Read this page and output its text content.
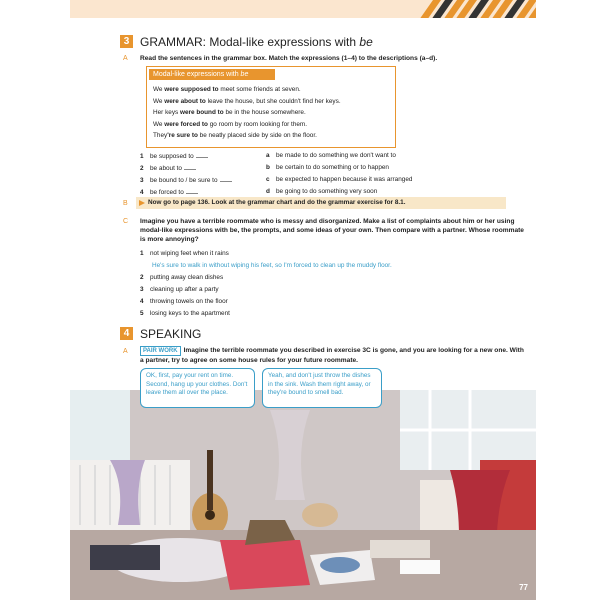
3 GRAMMAR: Modal-like expressions with be
A Read the sentences in the grammar box. Match the expressions (1–4) to the descriptions (a–d).
Modal-like expressions with be
We were supposed to meet some friends at seven.
We were about to leave the house, but she couldn't find her keys.
Her keys were bound to be in the house somewhere.
We were forced to go room by room looking for them.
They're sure to be neatly placed side by side on the floor.
1 be supposed to
2 be about to
3 be bound to / be sure to
4 be forced to
a be made to do something we don't want to
b be certain to do something or to happen
c be expected to happen because it was arranged
d be going to do something very soon
B	Now go to page 136. Look at the grammar chart and do the grammar exercise for 8.1.
C Imagine you have a terrible roommate who is messy and disorganized. Make a list of complaints about him or her using modal-like expressions with be, the prompts, and some ideas of your own. Then compare with a partner. Whose roommate is more annoying?
1 not wiping feet when it rains
He's sure to walk in without wiping his feet, so I'm forced to clean up the muddy floor.
2 putting away clean dishes
3 cleaning up after a party
4 throwing towels on the floor
5 losing keys to the apartment
4 SPEAKING
A	PAIR WORK Imagine the terrible roommate you described in exercise 3C is gone, and you are looking for a new one. With a partner, try to agree on some house rules for your future roommate.
OK, first, pay your rent on time. Second, hang up your clothes. Don't leave them all over the place.
Yeah, and don't just throw the dishes in the sink. Wash them right away, or they're bound to smell bad.
77
